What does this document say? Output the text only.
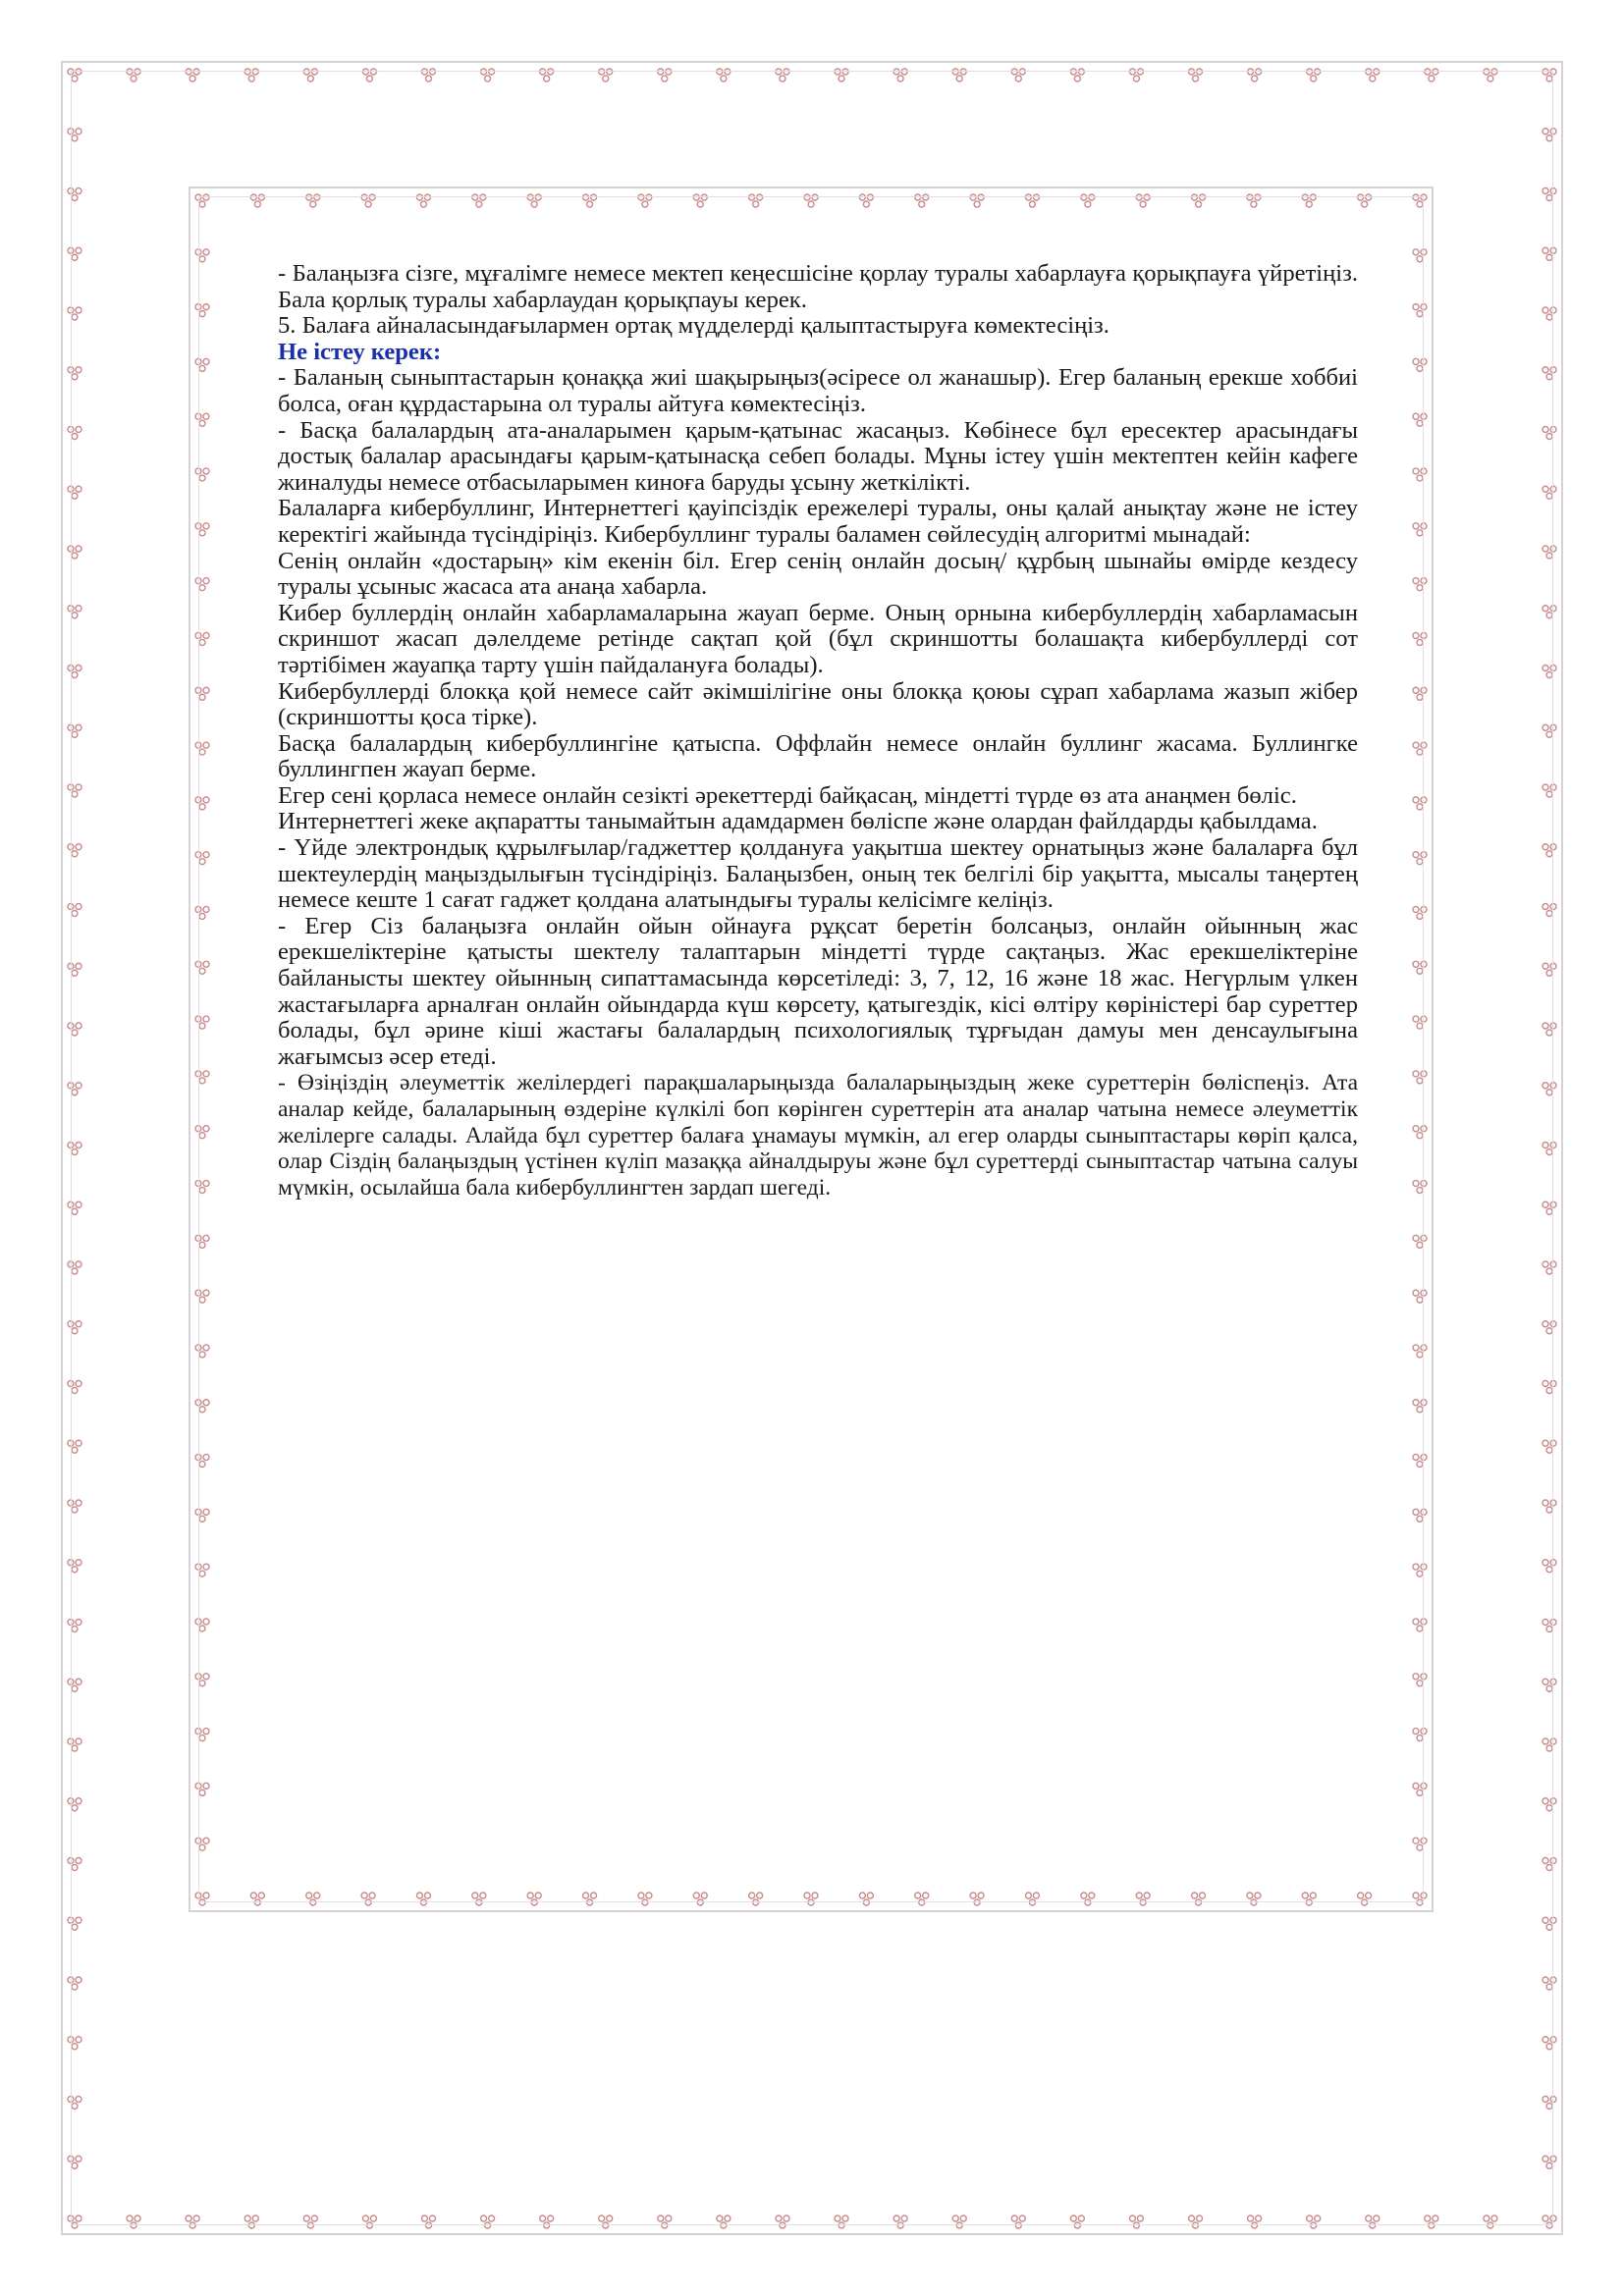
- Балаңызға сізге, мұғалімге немесе мектеп кеңесшісіне қорлау туралы хабарлауға қорықпауға үйретіңіз. Бала қорлық туралы хабарлаудан қорықпауы керек.

5. Балаға айналасындағылармен ортақ мүдделерді қалыптастыруға көмектесіңіз.

Не істеу керек:

- Баланың сыныптастарын қонаққа жиі шақырыңыз(әсіресе ол жанашыр). Егер баланың ерекше хоббиі болса, оған құрдастарына ол туралы айтуға көмектесіңіз.

- Басқа балалардың ата-аналарымен қарым-қатынас жасаңыз. Көбінесе бұл ересектер арасындағы достық балалар арасындағы қарым-қатынасқа себеп болады. Мұны істеу үшін мектептен кейін кафеге жиналуды немесе отбасыларымен киноға баруды ұсыну жеткілікті.

Балаларға кибербуллинг, Интернеттегі қауіпсіздік ережелері туралы, оны қалай анықтау және не істеу керектігі жайында түсіндіріңіз. Кибербуллинг туралы баламен сөйлесудің алгоритмі мынадай:

Сенің онлайн «достарың» кім екенін біл. Егер сенің онлайн досың/ құрбың шынайы өмірде кездесу туралы ұсыныс жасаса ата анаңа хабарла.

Кибер буллердің онлайн хабарламаларына жауап берме. Оның орнына кибербуллердің хабарламасын скриншот жасап дәлелдеме ретінде сақтап қой (бұл скриншотты болашақта кибербуллерді сот тәртібімен жауапқа тарту үшін пайдалануға болады).

Кибербуллерді блокқа қой немесе сайт әкімшілігіне оны блокқа қоюы сұрап хабарлама жазып жібер (скриншотты қоса тірке).

Басқа балалардың кибербуллингіне қатыспа. Оффлайн немесе онлайн буллинг жасама. Буллингке буллингпен жауап берме.

Егер сені қорласа немесе онлайн сезікті әрекеттерді байқасаң, міндетті түрде өз ата анаңмен бөліс.

Интернеттегі жеке ақпаратты танымайтын адамдармен бөліспе және олардан файлдарды қабылдама.

- Үйде электрондық құрылғылар/гаджеттер қолдануға уақытша шектеу орнатыңыз және балаларға бұл шектеулердің маңыздылығын түсіндіріңіз. Балаңызбен, оның тек белгілі бір уақытта, мысалы таңертең немесе кеште 1 сағат гаджет қолдана алатындығы туралы келісімге келіңіз.

- Егер Сіз балаңызға онлайн ойын ойнауға рұқсат беретін болсаңыз, онлайн ойынның жас ерекшеліктеріне қатысты шектелу талаптарын міндетті түрде сақтаңыз. Жас ерекшеліктеріне байланысты шектеу ойынның сипаттамасында көрсетіледі: 3, 7, 12, 16 және 18 жас. Негүрлым үлкен жастағыларға арналған онлайн ойындарда күш көрсету, қатыгездік, кісі өлтіру көріністері бар суреттер болады, бұл әрине кіші жастағы балалардың психологиялық тұрғыдан дамуы мен денсаулығына жағымсыз әсер етеді.

- Өзіңіздің әлеуметтік желілердегі парақшаларыңызда балаларыңыздың жеке суреттерін бөліспеңіз. Ата аналар кейде, балаларының өздеріне күлкілі боп көрінген суреттерін ата аналар чатына немесе әлеуметтік желілерге салады. Алайда бұл суреттер балаға ұнамауы мүмкін, ал егер оларды сыныптастары көріп қалса, олар Сіздің балаңыздың үстінен күліп мазаққа айналдыруы және бұл суреттерді сыныптастар чатына салуы мүмкін, осылайша бала кибербуллингтен зардап шегеді.
